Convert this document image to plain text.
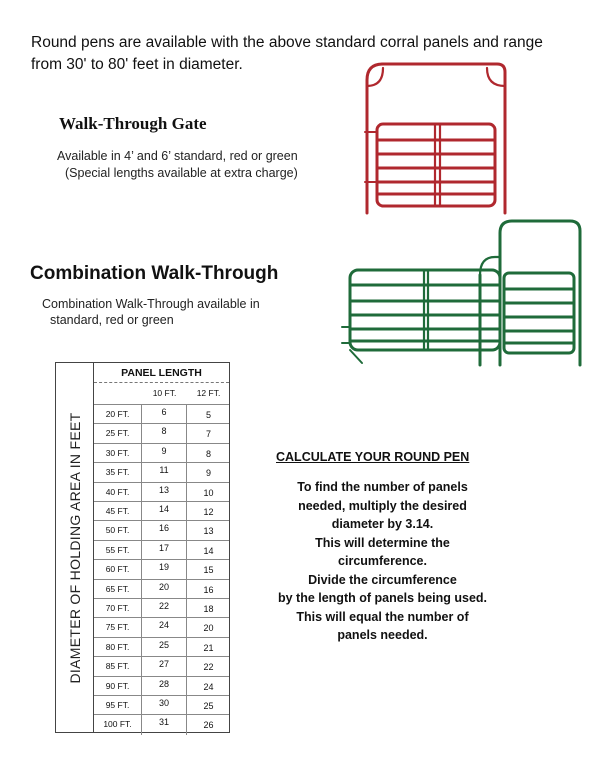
Round pens are available with the above standard corral panels and range
from 30' to 80' feet in diameter.
Walk-Through Gate
Available in 4’ and 6’ standard, red or green
(Special lengths available at extra charge)
Combination Walk-Through
Combination Walk-Through available in
standard, red or green
DIAMETER OF HOLDING AREA IN FEET
PANEL LENGTH
10 FT.	12 FT.
20 FT.	6	5
25 FT.	8	7
30 FT.	9	8
35 FT.	11	9
40 FT.	13	10
45 FT.	14	12
50 FT.	16	13
55 FT.	17	14
60 FT.	19	15
65 FT.	20	16
70 FT.	22	18
75 FT.	24	20
80 FT.	25	21
85 FT.	27	22
90 FT.	28	24
95 FT.	30	25
100 FT.	31	26
CALCULATE YOUR ROUND PEN
To find the number of panels
needed, multiply the desired
diameter by 3.14.
This will determine the
circumference.
Divide the circumference
by the length of panels being used.
This will equal the number of
panels needed.
